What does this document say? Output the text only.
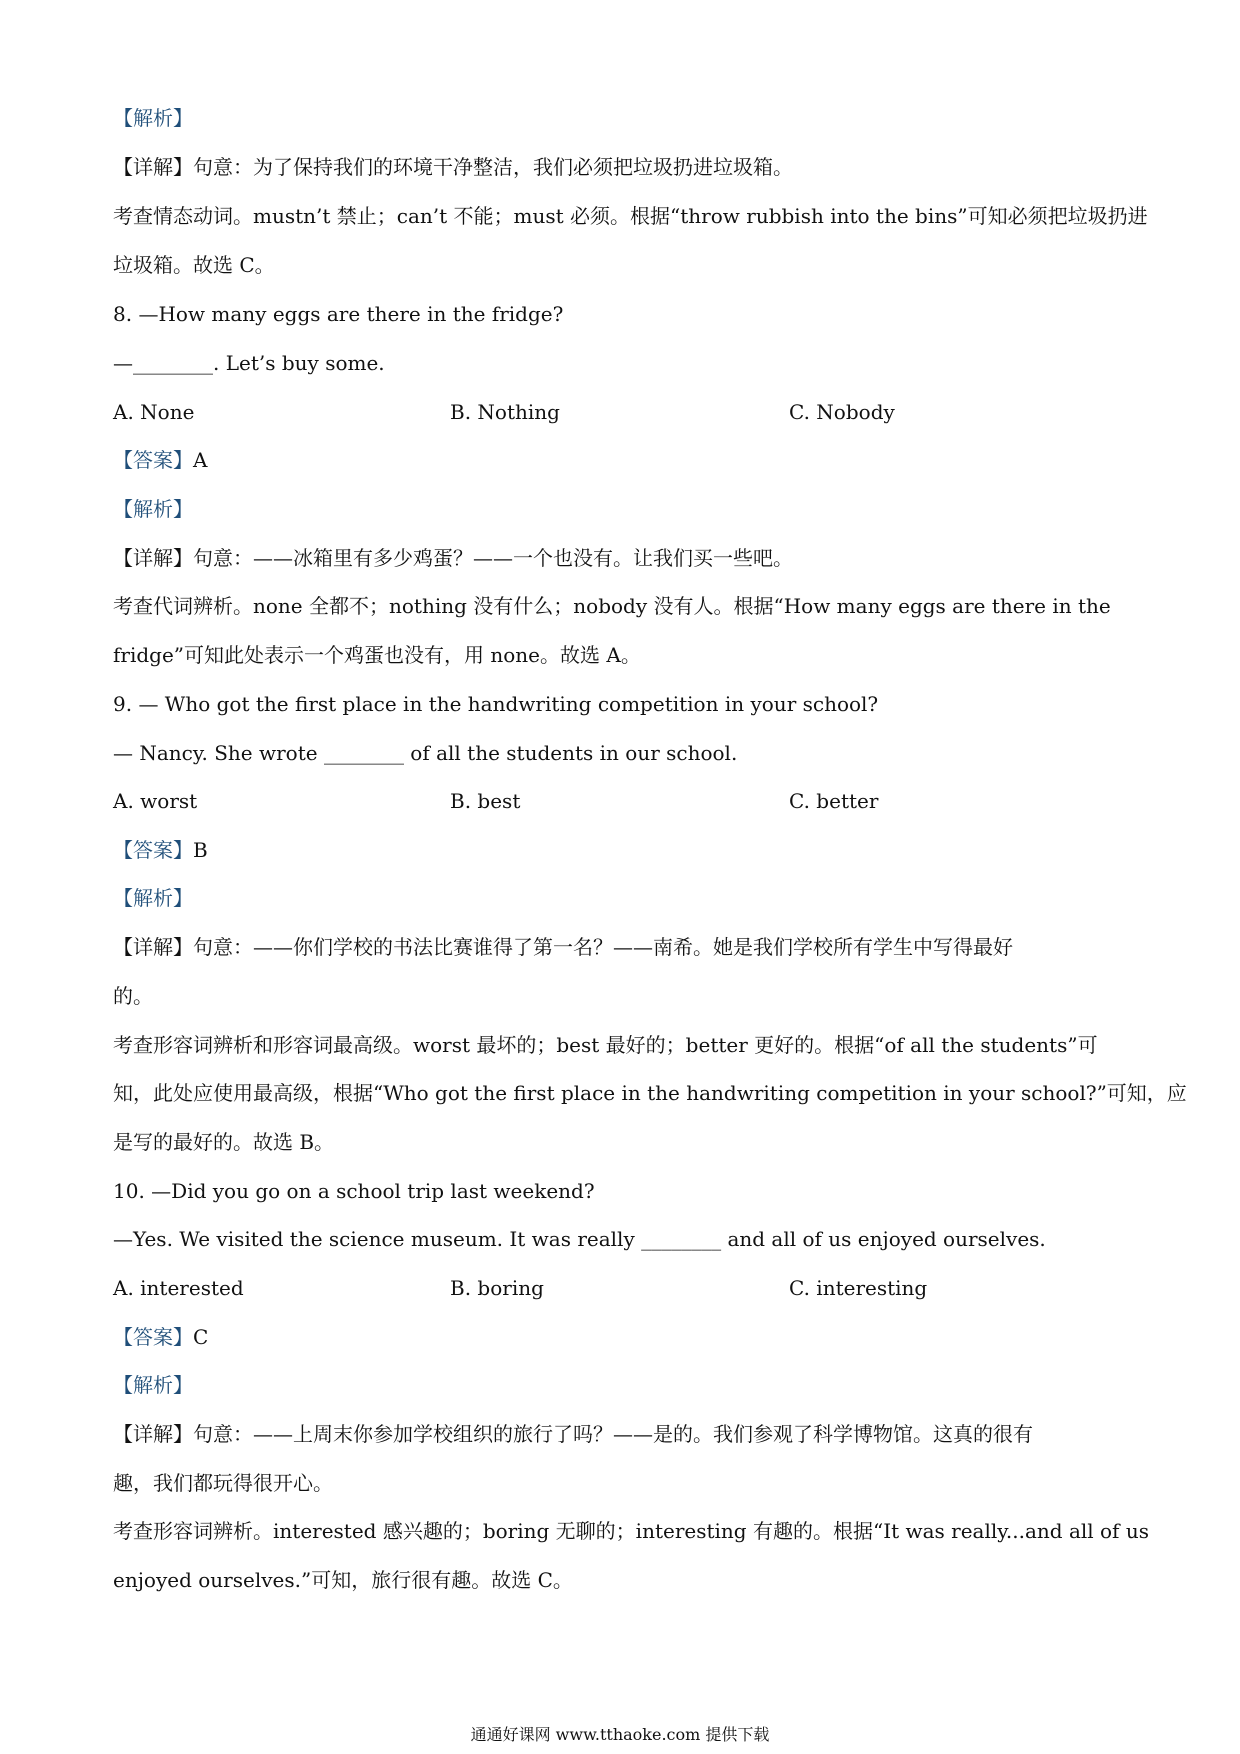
【解析】
【详解】句意：为了保持我们的环境干净整洁，我们必须把垃圾扔进垃圾箱。
考查情态动词。mustn’t 禁止；can’t 不能；must 必须。根据“throw rubbish into the bins”可知必须把垃圾扔进
垃圾箱。故选 C。
8. —How many eggs are there in the fridge?
—________. Let’s buy some.
A. None	B. Nothing	C. Nobody
【答案】A
【解析】
【详解】句意：——冰箱里有多少鸡蛋？——一个也没有。让我们买一些吧。
考查代词辨析。none 全都不；nothing 没有什么；nobody 没有人。根据“How many eggs are there in the
fridge”可知此处表示一个鸡蛋也没有，用 none。故选 A。
9. — Who got the first place in the handwriting competition in your school?
— Nancy. She wrote ________ of all the students in our school.
A. worst	B. best	C. better
【答案】B
【解析】
【详解】句意：——你们学校的书法比赛谁得了第一名？——南希。她是我们学校所有学生中写得最好
的。
考查形容词辨析和形容词最高级。worst 最坏的；best 最好的；better 更好的。根据“of all the students”可
知，此处应使用最高级，根据“Who got the first place in the handwriting competition in your school?”可知，应
是写的最好的。故选 B。
10. —Did you go on a school trip last weekend?
—Yes. We visited the science museum. It was really ________ and all of us enjoyed ourselves.
A. interested	B. boring	C. interesting
【答案】C
【解析】
【详解】句意：——上周末你参加学校组织的旅行了吗？——是的。我们参观了科学博物馆。这真的很有
趣，我们都玩得很开心。
考查形容词辨析。interested 感兴趣的；boring 无聊的；interesting 有趣的。根据“It was really...and all of us
enjoyed ourselves.”可知，旅行很有趣。故选 C。
通通好课网 www.tthaoke.com 提供下载
